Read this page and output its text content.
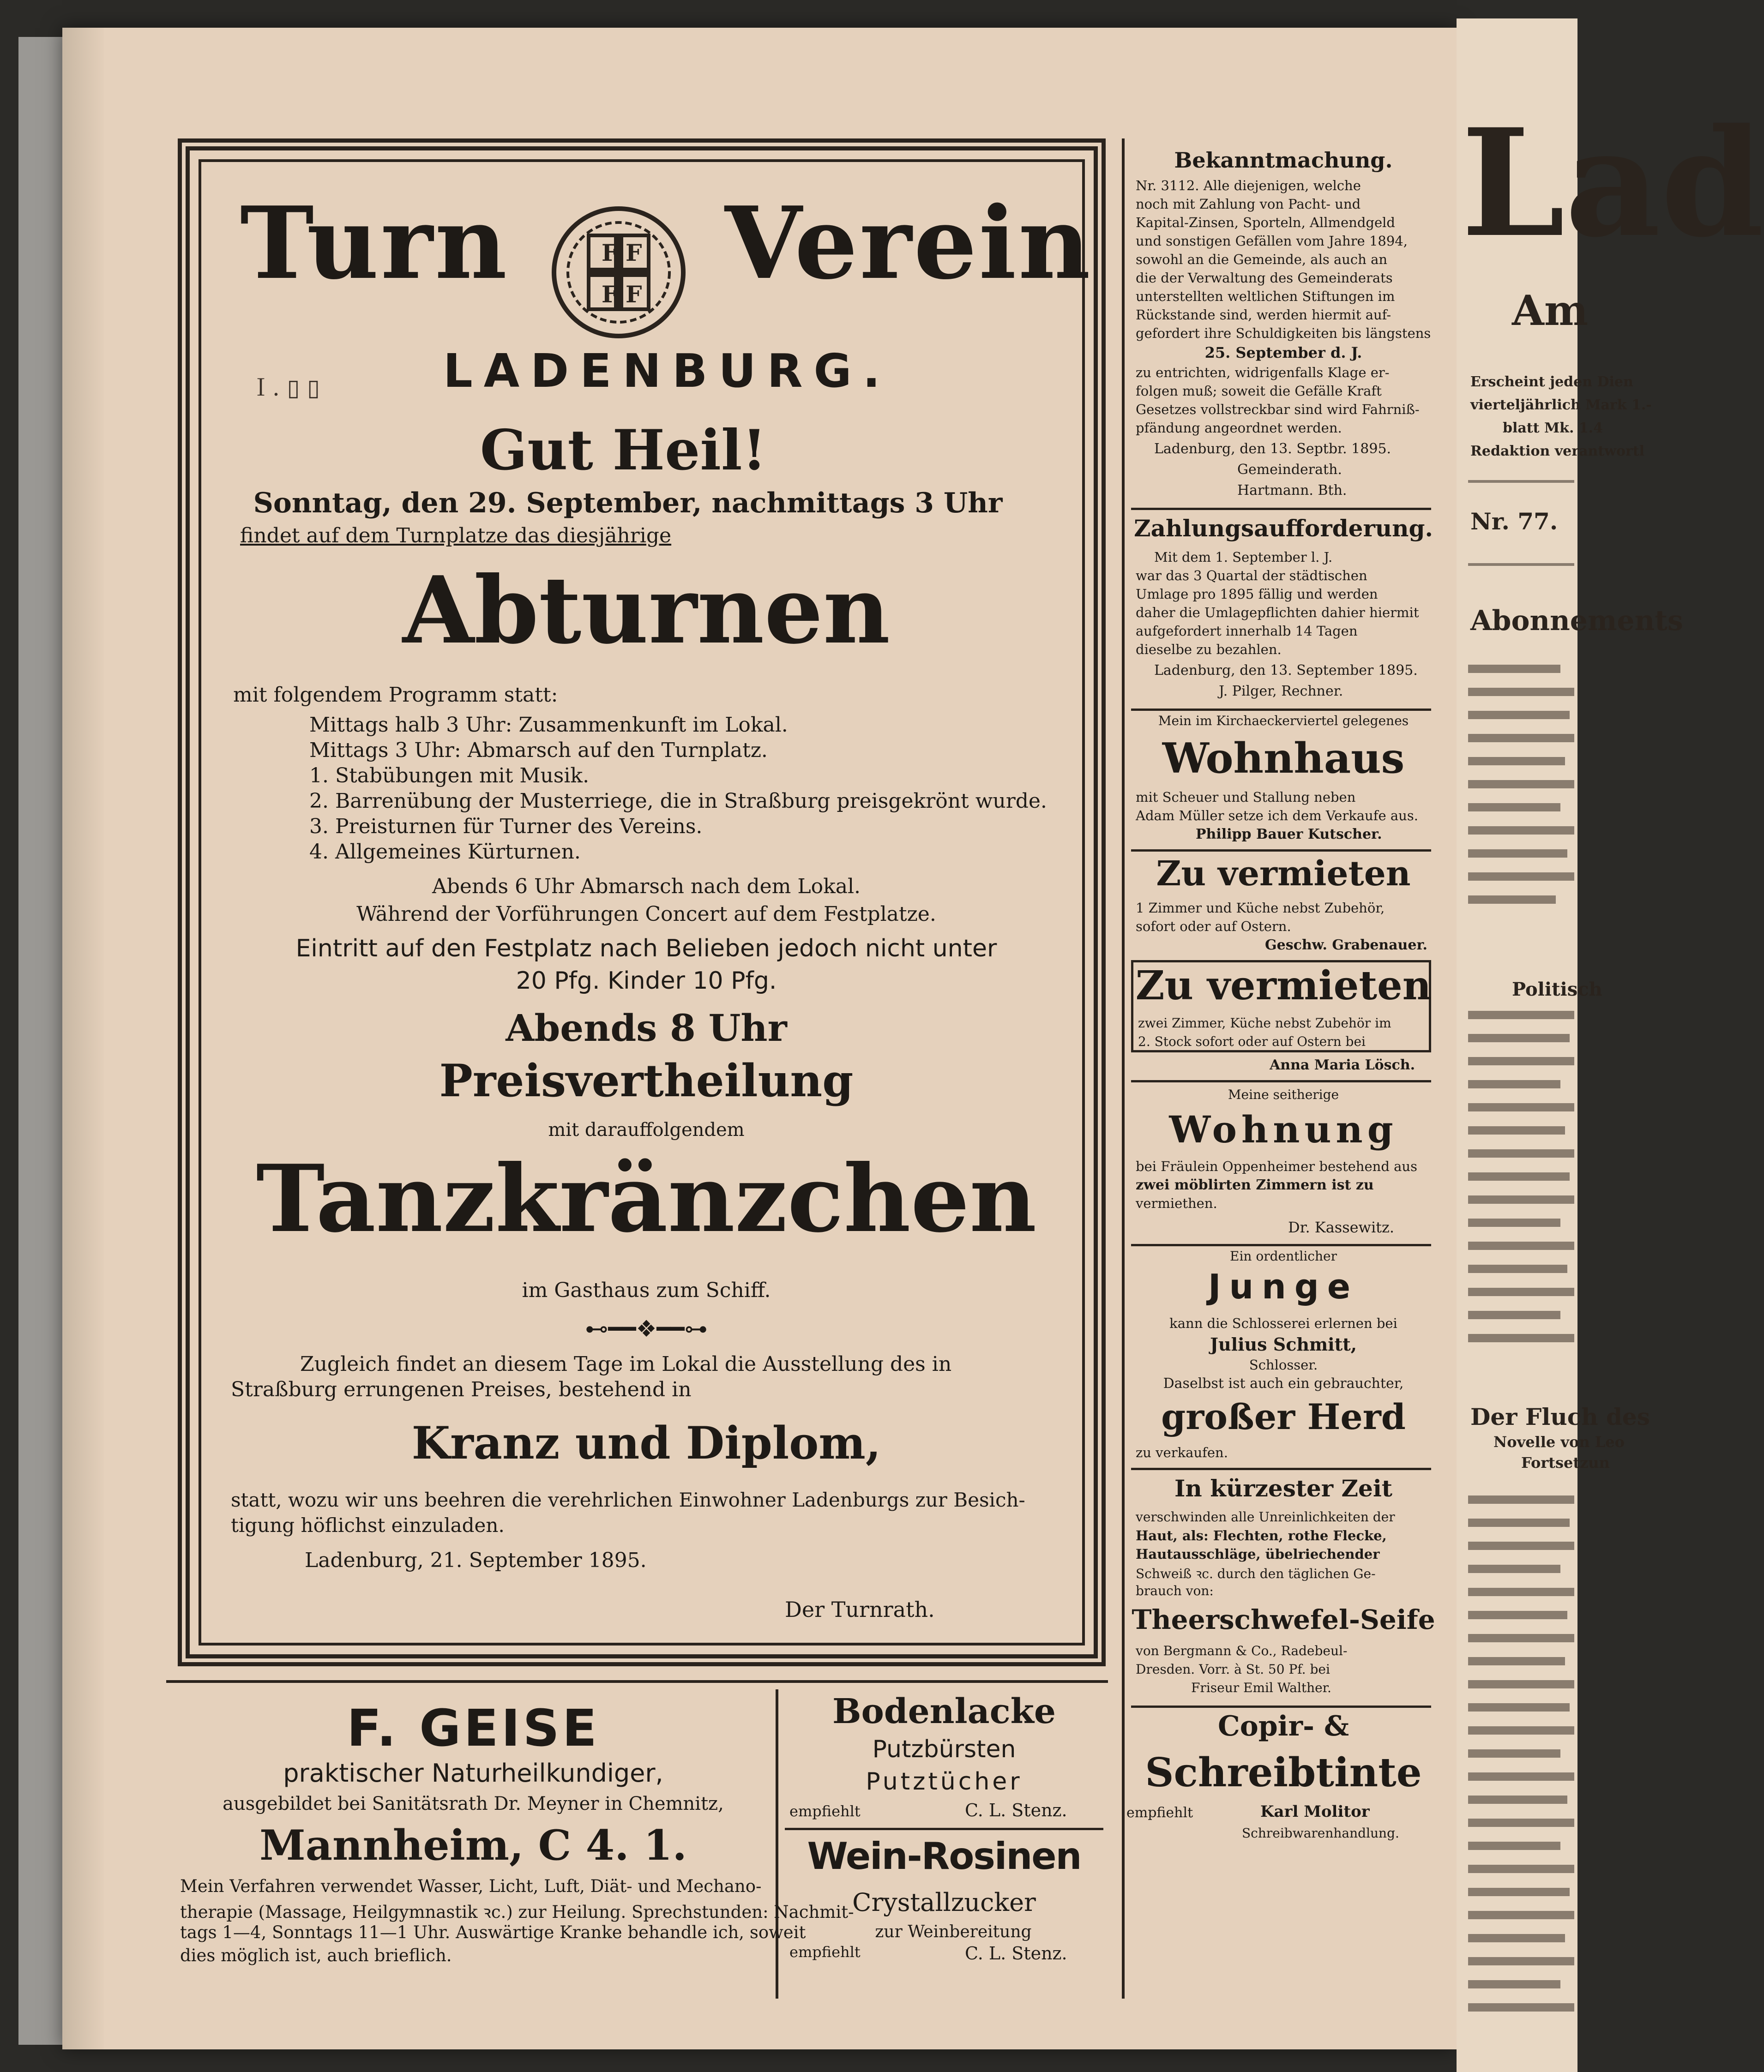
Lad
Am
Erscheint jeden Dien
vierteljährlich Mark 1.-
blatt Mk. 1.4
Redaktion verantwortl
Nr. 77.
Abonnements
Politisch
Der Fluch des
Novelle von Leo
Fortsetzun
Turn	F F
F F Verein
LADENBURG.
Ｉ. ▯ ▯
Gut Heil!
Sonntag, den 29. September, nachmittags 3 Uhr
findet auf dem Turnplatze das diesjährige
Abturnen
mit folgendem Programm statt:
Mittags halb 3 Uhr: Zusammenkunft im Lokal.
Mittags 3 Uhr: Abmarsch auf den Turnplatz.
1. Stabübungen mit Musik.
2. Barrenübung der Musterriege, die in Straßburg preisgekrönt wurde.
3. Preisturnen für Turner des Vereins.
4. Allgemeines Kürturnen.
Abends 6 Uhr Abmarsch nach dem Lokal.
Während der Vorführungen Concert auf dem Festplatze.
Eintritt auf den Festplatz nach Belieben jedoch nicht unter
20 Pfg. Kinder 10 Pfg.
Abends 8 Uhr
Preisvertheilung
mit darauffolgendem
Tanzkränzchen
im Gasthaus zum Schiff.
⊷━━❖━━⊶
Zugleich findet an diesem Tage im Lokal die Ausstellung des in
Straßburg errungenen Preises, bestehend in
Kranz und Diplom,
statt, wozu wir uns beehren die verehrlichen Einwohner Ladenburgs zur Besich-
tigung höflichst einzuladen.
Ladenburg, 21. September 1895.
Der Turnrath.
F. GEISE
praktischer Naturheilkundiger,
ausgebildet bei Sanitätsrath Dr. Meyner in Chemnitz,
Mannheim, C 4. 1.
Mein Verfahren verwendet Wasser, Licht, Luft, Diät- und Mechano-
therapie (Massage, Heilgymnastik ꝛc.) zur Heilung. Sprechstunden: Nachmit-
tags 1—4, Sonntags 11—1 Uhr. Auswärtige Kranke behandle ich, soweit
dies möglich ist, auch brieflich.
Bodenlacke
Putzbürsten
Putztücher
empfiehlt	C. L. Stenz.
Wein-Rosinen
Crystallzucker
zur Weinbereitung
empfiehlt	C. L. Stenz.
Bekanntmachung.
Nr. 3112. Alle diejenigen, welche
noch mit Zahlung von Pacht- und
Kapital-Zinsen, Sporteln, Allmendgeld
und sonstigen Gefällen vom Jahre 1894,
sowohl an die Gemeinde, als auch an
die der Verwaltung des Gemeinderats
unterstellten weltlichen Stiftungen im
Rückstande sind, werden hiermit auf-
gefordert ihre Schuldigkeiten bis längstens
25. September d. J.
zu entrichten, widrigenfalls Klage er-
folgen muß; soweit die Gefälle Kraft
Gesetzes vollstreckbar sind wird Fahrniß-
pfändung angeordnet werden.
Ladenburg, den 13. Septbr. 1895.
Gemeinderath.
Hartmann. Bth.
Zahlungsaufforderung.
Mit dem 1. September l. J.
war das 3 Quartal der städtischen
Umlage pro 1895 fällig und werden
daher die Umlagepflichten dahier hiermit
aufgefordert innerhalb 14 Tagen
dieselbe zu bezahlen.
Ladenburg, den 13. September 1895.
J. Pilger, Rechner.
Mein im Kirchaeckerviertel gelegenes
Wohnhaus
mit Scheuer und Stallung neben
Adam Müller setze ich dem Verkaufe aus.
Philipp Bauer Kutscher.
Zu vermieten
1 Zimmer und Küche nebst Zubehör,
sofort oder auf Ostern.
Geschw. Grabenauer.
Zu vermieten
zwei Zimmer, Küche nebst Zubehör im
2. Stock sofort oder auf Ostern bei
Anna Maria Lösch.
Meine seitherige
Wohnung
bei Fräulein Oppenheimer bestehend aus
zwei möblirten Zimmern ist zu
vermiethen.
Dr. Kassewitz.
Ein ordentlicher
Junge
kann die Schlosserei erlernen bei
Julius Schmitt,
Schlosser.
Daselbst ist auch ein gebrauchter,
großer Herd
zu verkaufen.
In kürzester Zeit
verschwinden alle Unreinlichkeiten der
Haut, als: Flechten, rothe Flecke,
Hautausschläge, übelriechender
Schweiß ꝛc. durch den täglichen Ge-
brauch von:
Theerschwefel-Seife
von Bergmann & Co., Radebeul-
Dresden. Vorr. à St. 50 Pf. bei
Friseur Emil Walther.
Copir- &
Schreibtinte
empfiehlt	Karl Molitor
Schreibwarenhandlung.
